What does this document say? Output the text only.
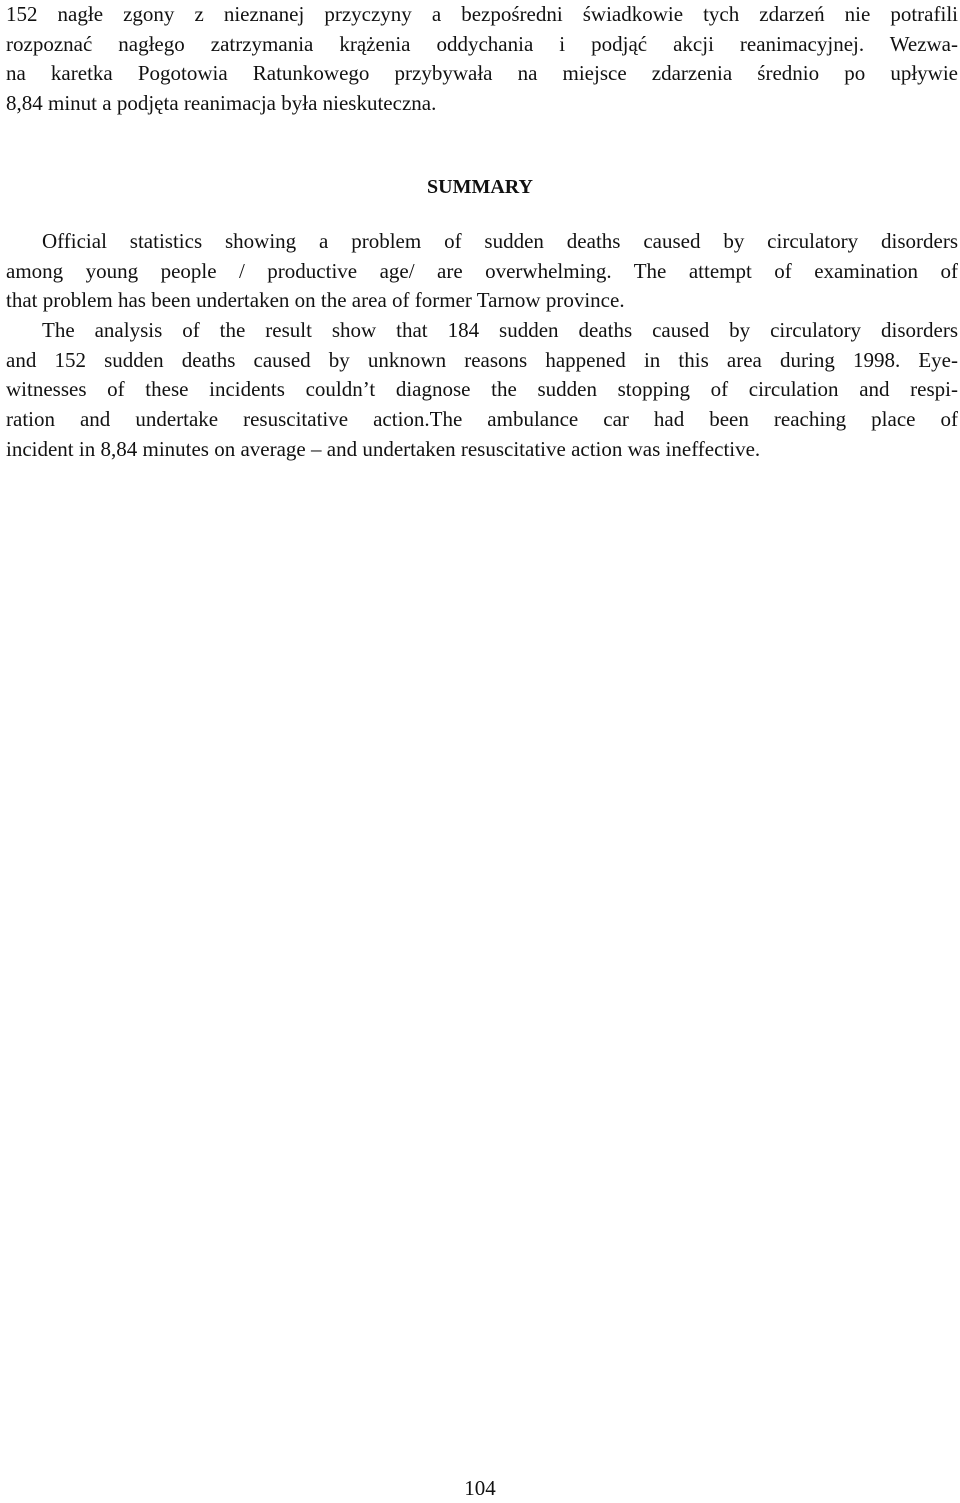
152 nagłe zgony z nieznanej przyczyny a bezpośredni świadkowie tych zdarzeń nie potrafili
rozpoznać nagłego zatrzymania krążenia oddychania i podjąć akcji reanimacyjnej. Wezwa-
na karetka Pogotowia Ratunkowego przybywała na miejsce zdarzenia średnio po upływie
8,84 minut a podjęta reanimacja była nieskuteczna.
SUMMARY
Official statistics showing a problem of sudden deaths caused by circulatory disorders
among young people / productive age/ are overwhelming. The attempt of examination of
that problem has been undertaken on the area of former Tarnow province.
The analysis of the result show that 184 sudden deaths caused by circulatory disorders
and 152 sudden deaths caused by unknown reasons happened in this area during 1998. Eye-
witnesses of these incidents couldn’t diagnose the sudden stopping of circulation and respi-
ration and undertake resuscitative action.The ambulance car had been reaching place of
incident in 8,84 minutes on average – and undertaken resuscitative action was ineffective.
104
